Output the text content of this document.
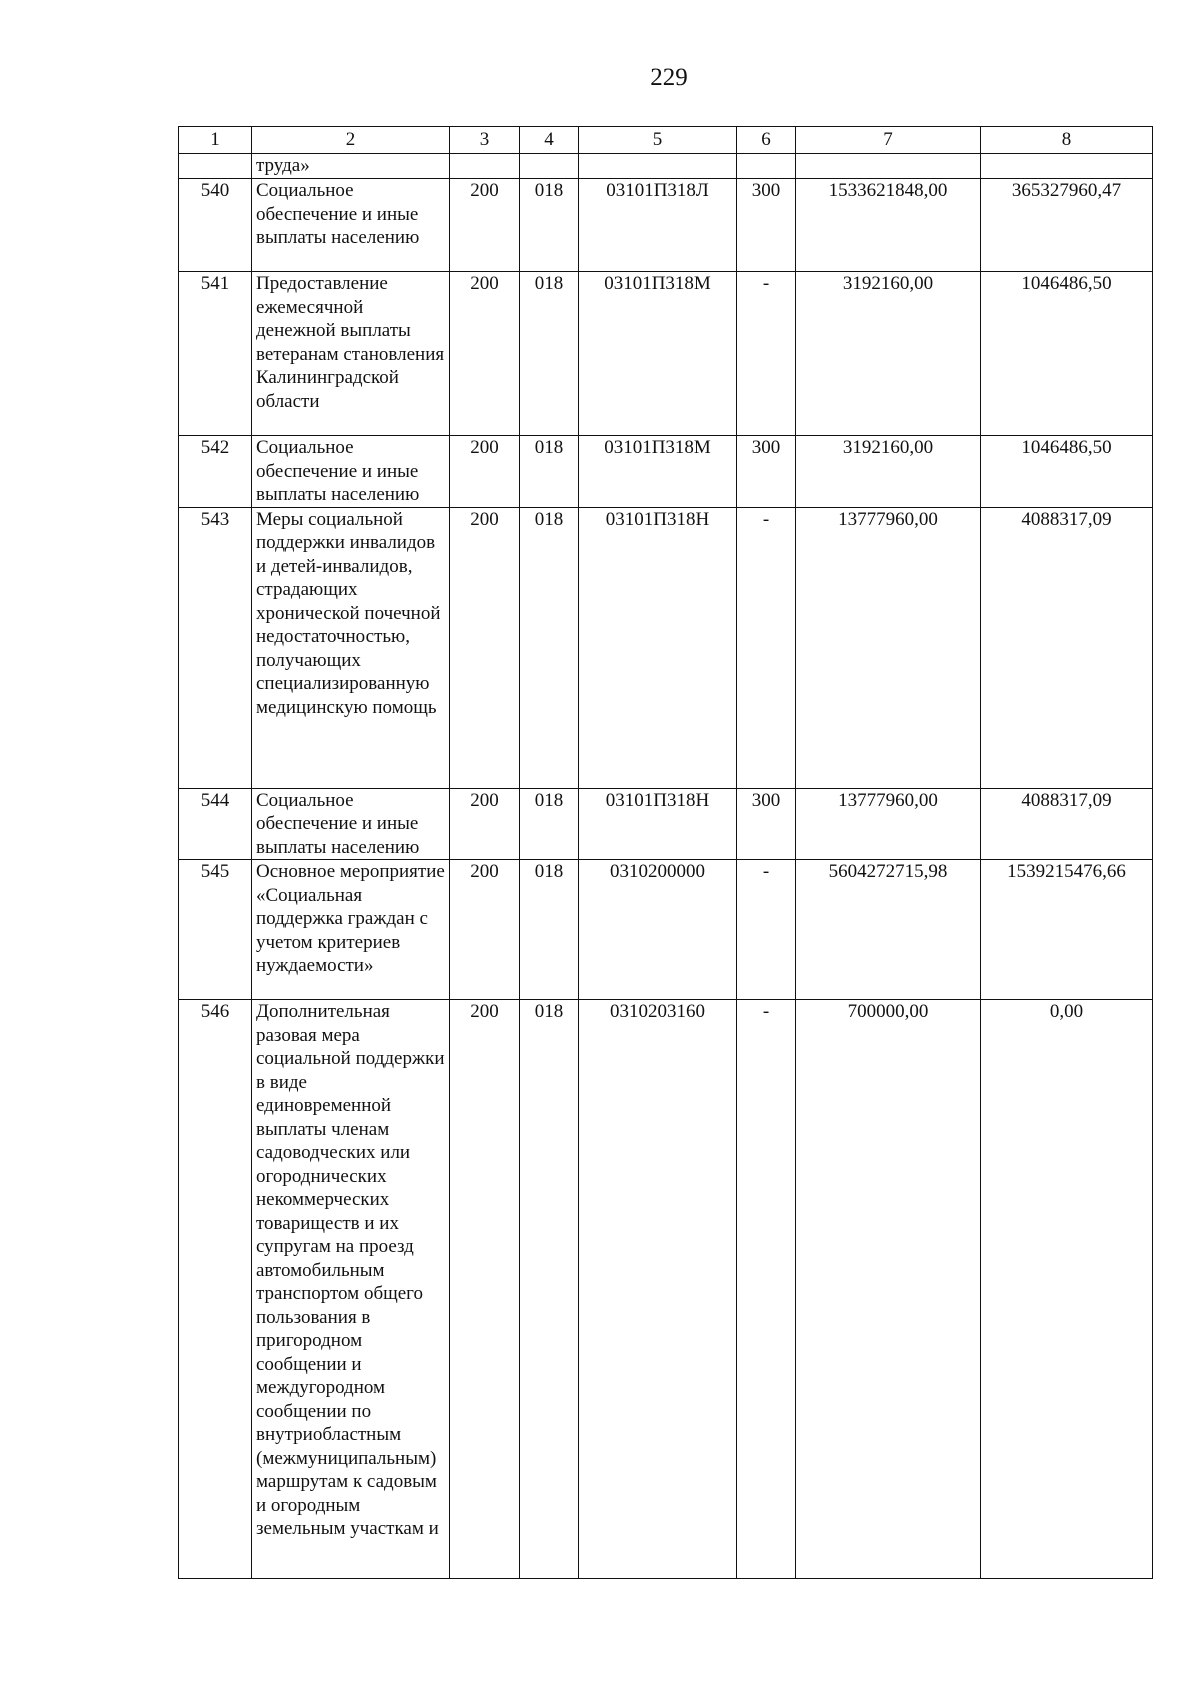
229
1	2	3	4	5	6	7	8
	труда»						
540	Социальное обеспечение и иные выплаты населению	200	018	03101П318Л	300	1533621848,00	365327960,47
541	Предоставление ежемесячной денежной выплаты ветеранам становления Калининградской области	200	018	03101П318М	-	3192160,00	1046486,50
542	Социальное обеспечение и иные выплаты населению	200	018	03101П318М	300	3192160,00	1046486,50
543	Меры социальной поддержки инвалидов и детей-инвалидов, страдающих хронической почечной недостаточностью, получающих специализированную медицинскую помощь	200	018	03101П318Н	-	13777960,00	4088317,09
544	Социальное обеспечение и иные выплаты населению	200	018	03101П318Н	300	13777960,00	4088317,09
545	Основное мероприятие «Социальная поддержка граждан с учетом критериев нуждаемости»	200	018	0310200000	-	5604272715,98	1539215476,66
546	Дополнительная разовая мера социальной поддержки в виде единовременной выплаты членам садоводческих или огороднических некоммерческих товариществ и их супругам на проезд автомобильным транспортом общего пользования в пригородном сообщении и междугородном сообщении по внутриобластным (межмуниципальным) маршрутам к садовым и огородным земельным участкам и	200	018	0310203160	-	700000,00	0,00
